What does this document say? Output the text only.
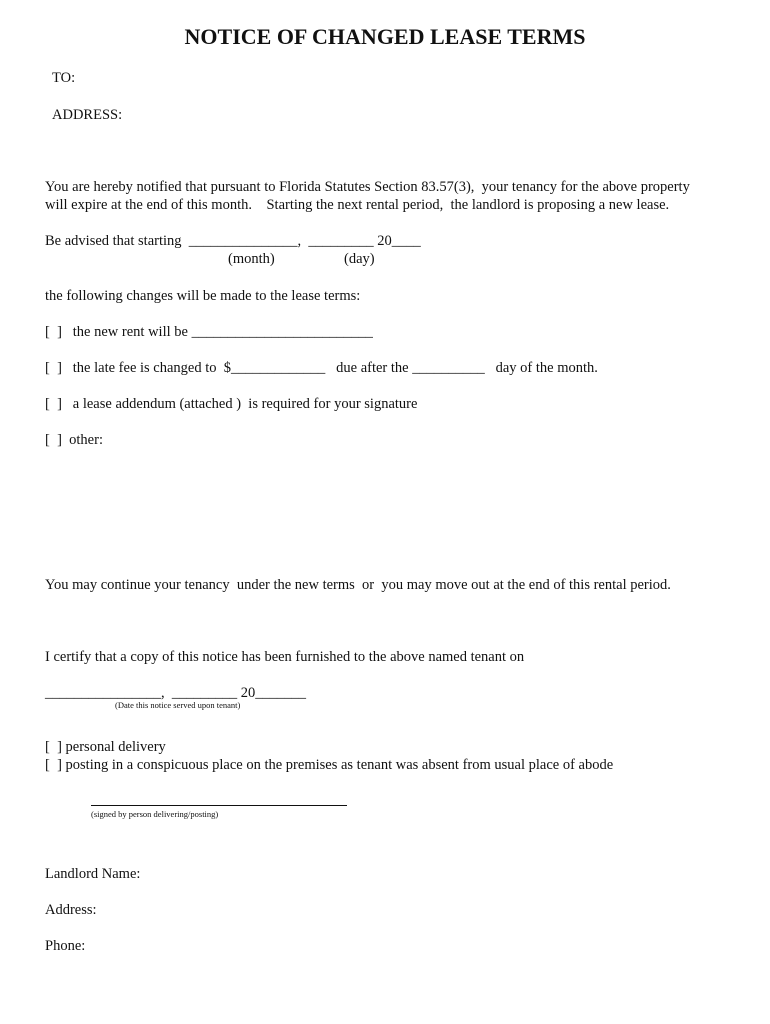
NOTICE OF CHANGED LEASE TERMS
TO:
ADDRESS:
You are hereby notified that pursuant to Florida Statutes Section 83.57(3),  your tenancy for the above property
will expire at the end of this month.    Starting the next rental period,  the landlord is proposing a new lease.
Be advised that starting  _______________,  _________ 20____
(month)	(day)
the following changes will be made to the lease terms:
[  ]   the new rent will be _________________________
[  ]   the late fee is changed to  $_____________   due after the __________   day of the month.
[  ]   a lease addendum (attached )  is required for your signature
[  ]  other:
You may continue your tenancy  under the new terms  or  you may move out at the end of this rental period.
I certify that a copy of this notice has been furnished to the above named tenant on
________________,  _________ 20_______
(Date this notice served upon tenant)
[  ] personal delivery
[  ] posting in a conspicuous place on the premises as tenant was absent from usual place of abode
(signed by person delivering/posting)
Landlord Name:
Address:
Phone:
